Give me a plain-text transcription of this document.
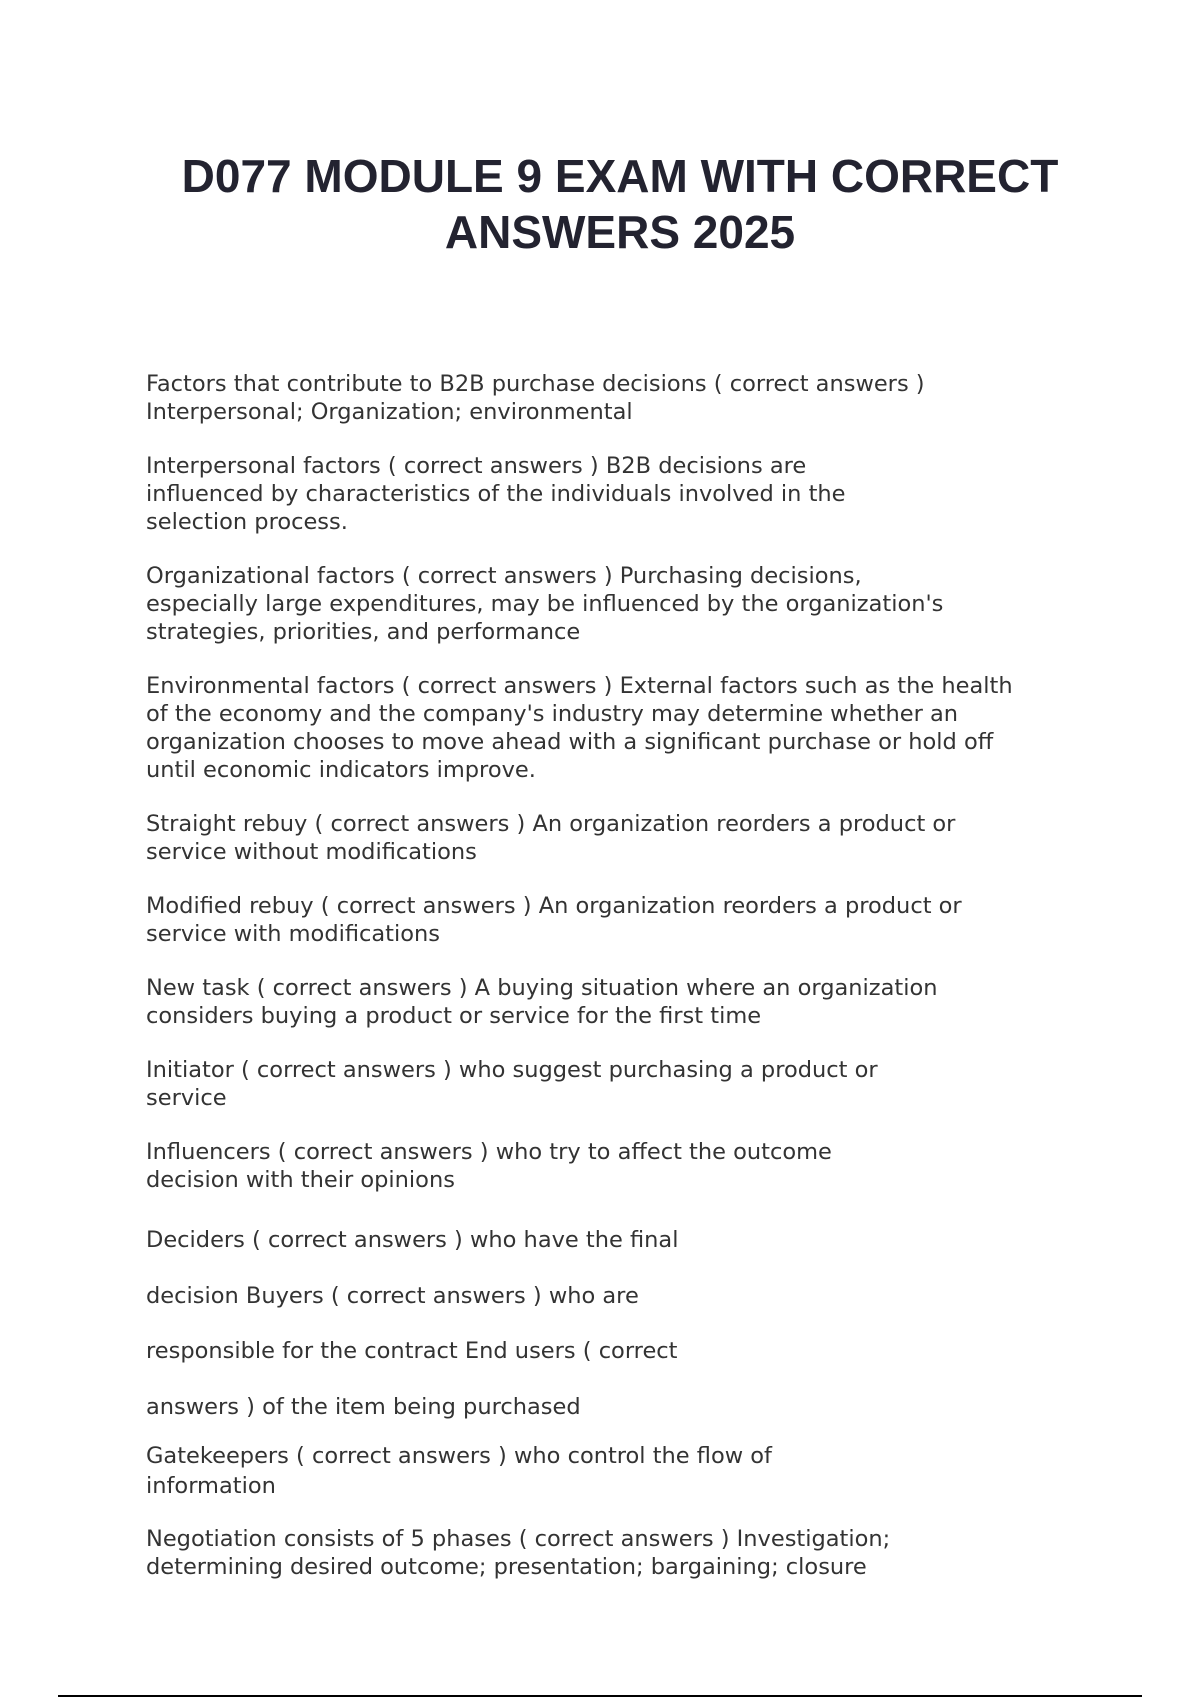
D077 MODULE 9 EXAM WITH CORRECT
ANSWERS 2025

Factors that contribute to B2B purchase decisions ( correct answers )
Interpersonal; Organization; environmental

Interpersonal factors ( correct answers ) B2B decisions are
influenced by characteristics of the individuals involved in the
selection process.

Organizational factors ( correct answers ) Purchasing decisions,
especially large expenditures, may be influenced by the organization's
strategies, priorities, and performance

Environmental factors ( correct answers ) External factors such as the health
of the economy and the company's industry may determine whether an
organization chooses to move ahead with a significant purchase or hold off
until economic indicators improve.

Straight rebuy ( correct answers ) An organization reorders a product or
service without modifications

Modified rebuy ( correct answers ) An organization reorders a product or
service with modifications

New task ( correct answers ) A buying situation where an organization
considers buying a product or service for the first time

Initiator ( correct answers ) who suggest purchasing a product or
service

Influencers ( correct answers ) who try to affect the outcome
decision with their opinions

Deciders ( correct answers ) who have the final

decision Buyers ( correct answers ) who are

responsible for the contract End users ( correct

answers ) of the item being purchased

Gatekeepers ( correct answers ) who control the flow of
information

Negotiation consists of 5 phases ( correct answers ) Investigation;
determining desired outcome; presentation; bargaining; closure
